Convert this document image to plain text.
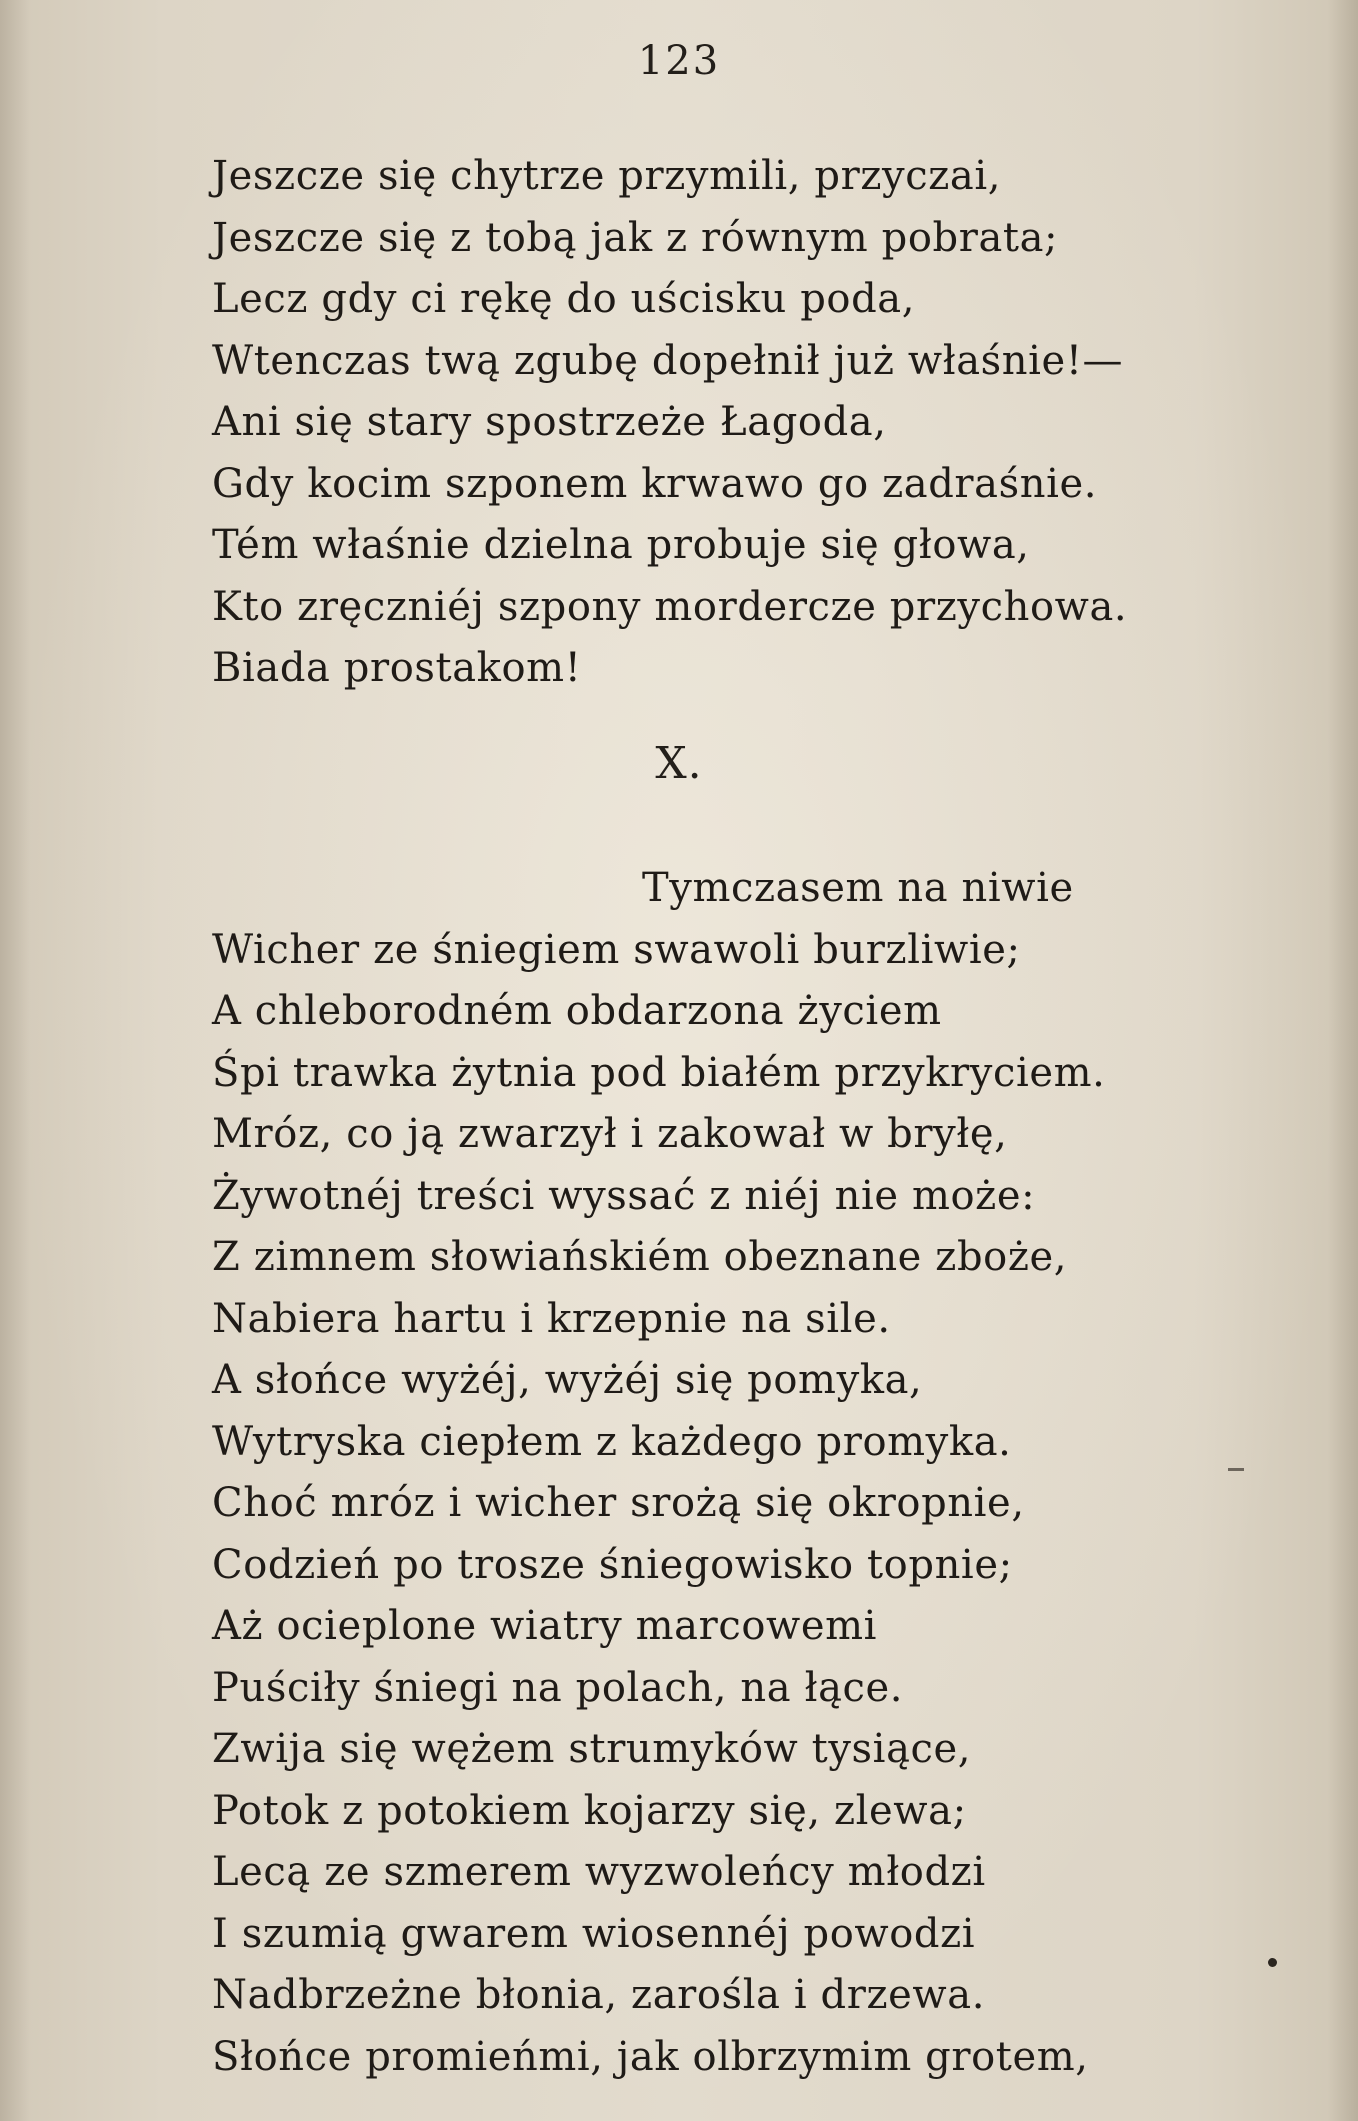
123
Jeszcze się chytrze przymili, przyczai,
Jeszcze się z tobą jak z równym pobrata;
Lecz gdy ci rękę do uścisku poda,
Wtenczas twą zgubę dopełnił już właśnie!—
Ani się stary spostrzeże Łagoda,
Gdy kocim szponem krwawo go zadraśnie.
Tém właśnie dzielna probuje się głowa,
Kto zręczniéj szpony mordercze przychowa.
Biada prostakom!
X.
Tymczasem na niwie
Wicher ze śniegiem swawoli burzliwie;
A chleborodném obdarzona życiem
Śpi trawka żytnia pod białém przykryciem.
Mróz, co ją zwarzył i zakował w bryłę,
Żywotnéj treści wyssać z niéj nie może:
Z zimnem słowiańskiém obeznane zboże,
Nabiera hartu i krzepnie na sile.
A słońce wyżéj, wyżéj się pomyka,
Wytryska ciepłem z każdego promyka.
Choć mróz i wicher srożą się okropnie,
Codzień po trosze śniegowisko topnie;
Aż ocieplone wiatry marcowemi
Puściły śniegi na polach, na łące.
Zwija się wężem strumyków tysiące,
Potok z potokiem kojarzy się, zlewa;
Lecą ze szmerem wyzwoleńcy młodzi
I szumią gwarem wiosennéj powodzi
Nadbrzeżne błonia, zarośla i drzewa.
Słońce promieńmi, jak olbrzymim grotem,
